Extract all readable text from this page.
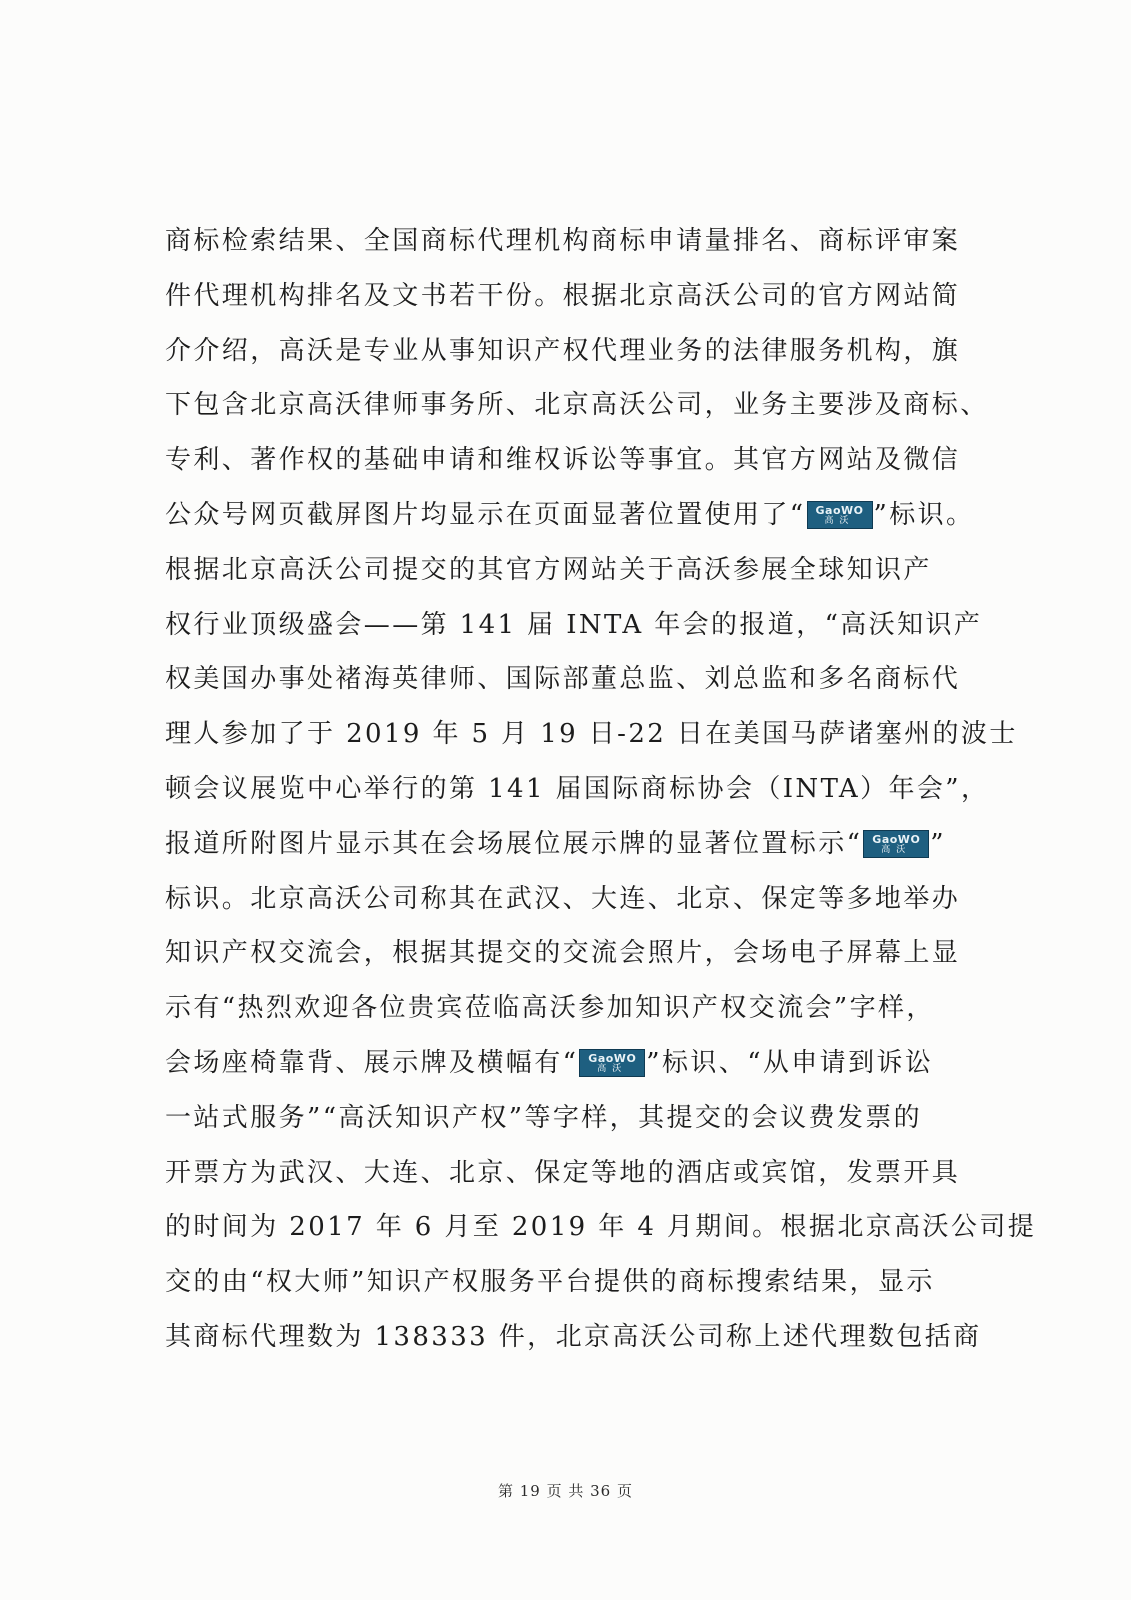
商标检索结果、全国商标代理机构商标申请量排名、商标评审案
件代理机构排名及文书若干份。根据北京高沃公司的官方网站简
介介绍，高沃是专业从事知识产权代理业务的法律服务机构，旗
下包含北京高沃律师事务所、北京高沃公司，业务主要涉及商标、
专利、著作权的基础申请和维权诉讼等事宜。其官方网站及微信
公众号网页截屏图片均显示在页面显著位置使用了“ GaoWO
高沃 ”标识。
根据北京高沃公司提交的其官方网站关于高沃参展全球知识产
权行业顶级盛会——第 141 届 INTA 年会的报道，“高沃知识产
权美国办事处褚海英律师、国际部董总监、刘总监和多名商标代
理人参加了于 2019 年 5 月 19 日-22 日在美国马萨诸塞州的波士
顿会议展览中心举行的第 141 届国际商标协会（INTA）年会”，
报道所附图片显示其在会场展位展示牌的显著位置标示“ GaoWO
高沃 ”
标识。北京高沃公司称其在武汉、大连、北京、保定等多地举办
知识产权交流会，根据其提交的交流会照片，会场电子屏幕上显
示有“热烈欢迎各位贵宾莅临高沃参加知识产权交流会”字样，
会场座椅靠背、展示牌及横幅有“ GaoWO
高沃 ”标识、“从申请到诉讼
一站式服务”“高沃知识产权”等字样，其提交的会议费发票的
开票方为武汉、大连、北京、保定等地的酒店或宾馆，发票开具
的时间为 2017 年 6 月至 2019 年 4 月期间。根据北京高沃公司提
交的由“权大师”知识产权服务平台提供的商标搜索结果，显示
其商标代理数为 138333 件，北京高沃公司称上述代理数包括商
第 19 页 共 36 页
